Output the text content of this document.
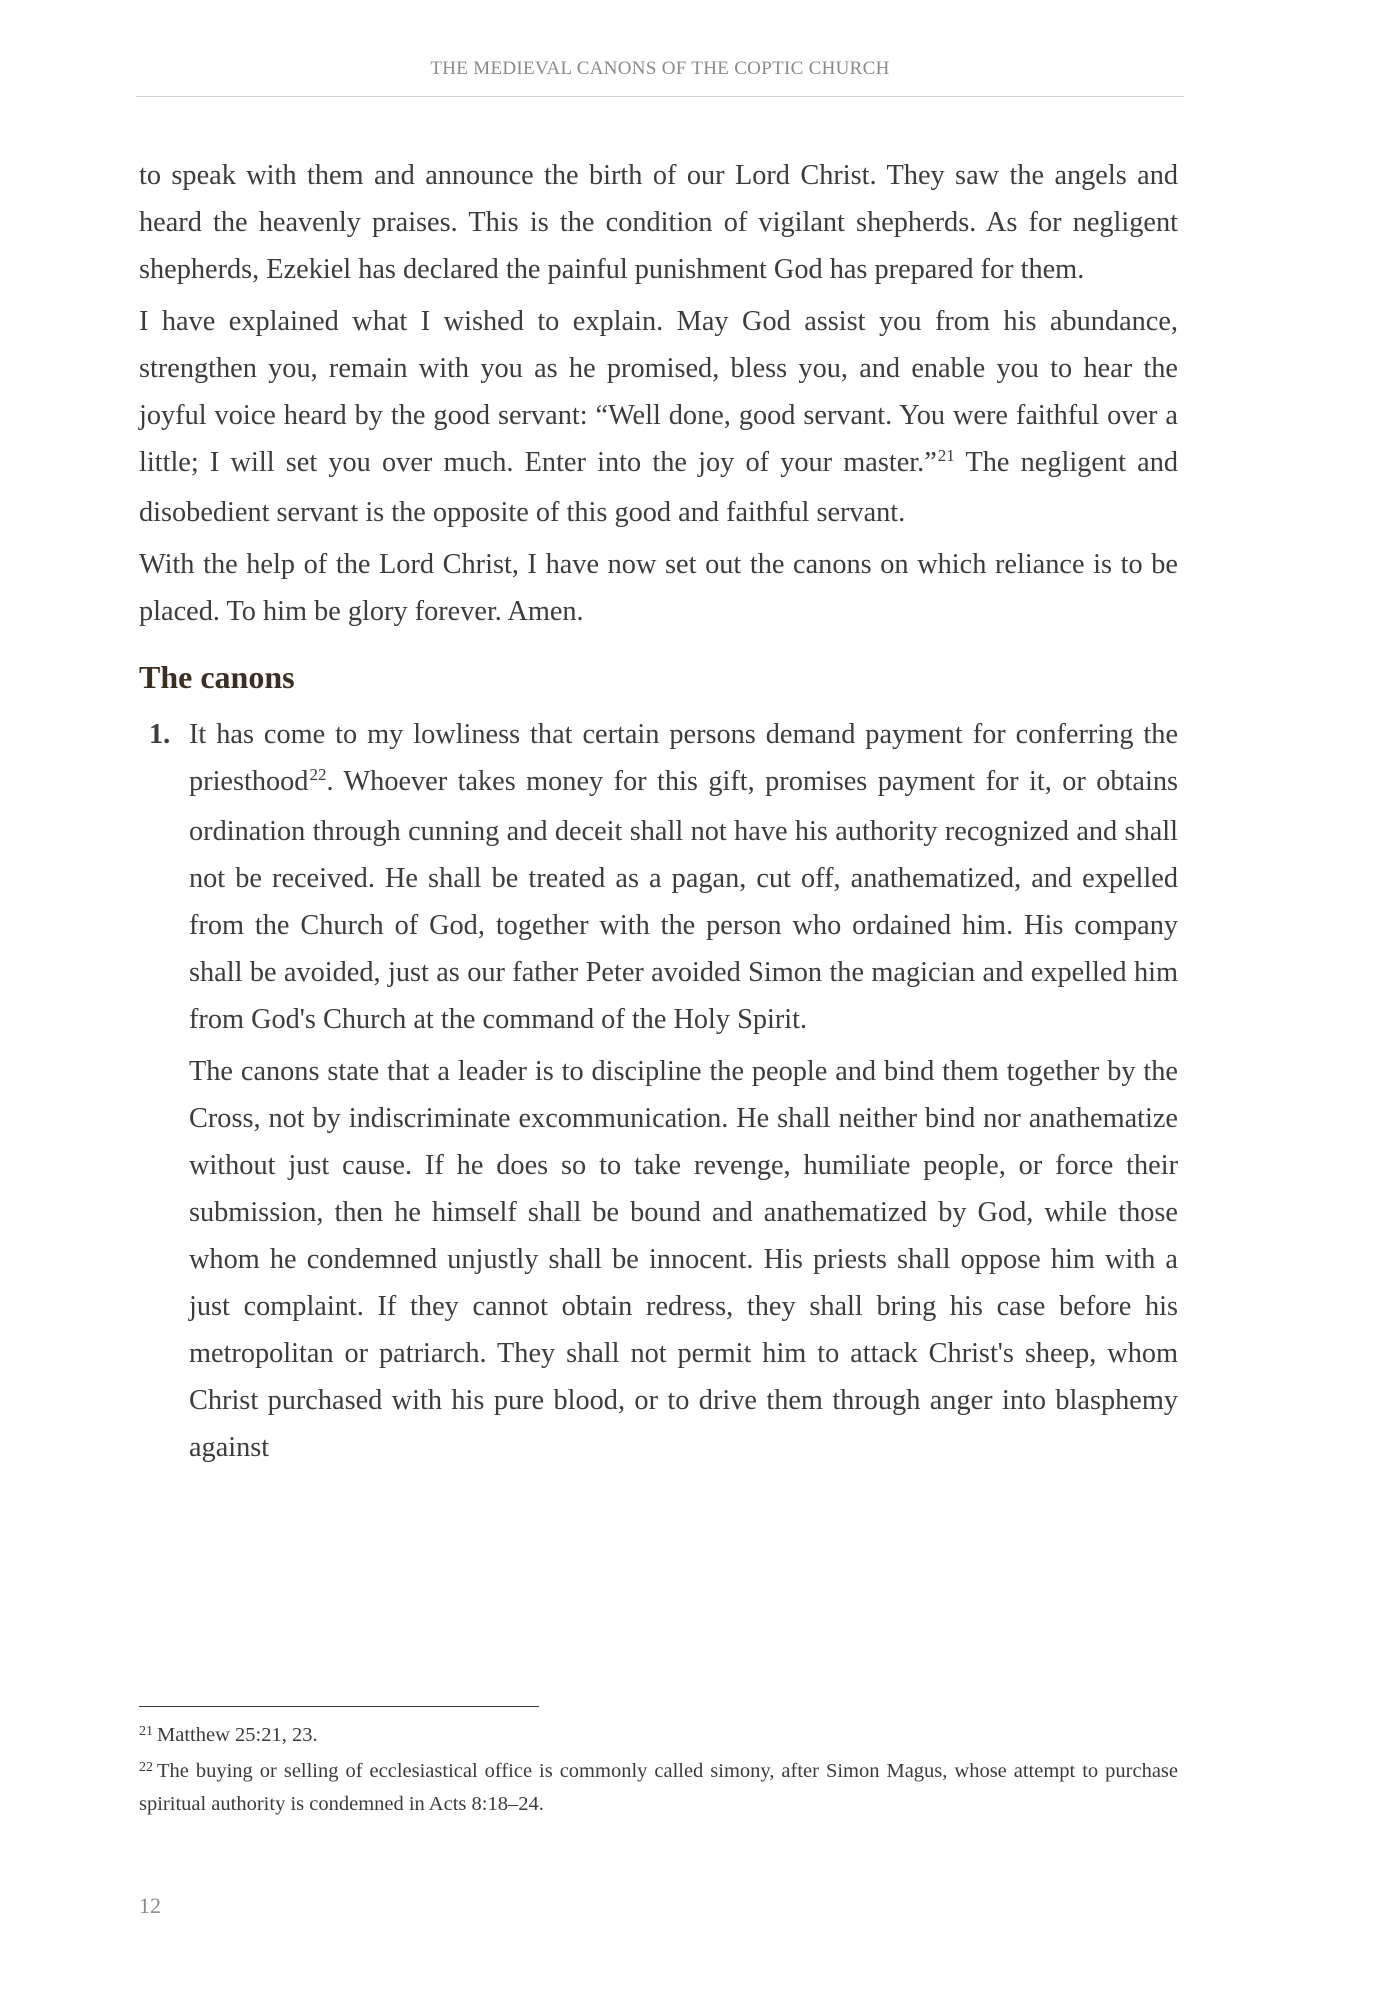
THE MEDIEVAL CANONS OF THE COPTIC CHURCH

to speak with them and announce the birth of our Lord Christ. They saw the angels and heard the heavenly praises. This is the condition of vigilant shepherds. As for negligent shepherds, Ezekiel has declared the painful punishment God has prepared for them.

I have explained what I wished to explain. May God assist you from his abundance, strengthen you, remain with you as he promised, bless you, and enable you to hear the joyful voice heard by the good servant: “Well done, good servant. You were faithful over a little; I will set you over much. Enter into the joy of your master.”$^{21}$ The negligent and disobedient servant is the opposite of this good and faithful servant.

With the help of the Lord Christ, I have now set out the canons on which reliance is to be placed. To him be glory forever. Amen.

The canons
1. It has come to my lowliness that certain persons demand payment for conferring the priesthood$^{22}$. Whoever takes money for this gift, promises payment for it, or obtains ordination through cunning and deceit shall not have his authority recognized and shall not be received. He shall be treated as a pagan, cut off, anathematized, and expelled from the Church of God, together with the person who ordained him. His company shall be avoided, just as our father Peter avoided Simon the magician and expelled him from God's Church at the command of the Holy Spirit.

The canons state that a leader is to discipline the people and bind them together by the Cross, not by indiscriminate excommunication. He shall neither bind nor anathematize without just cause. If he does so to take revenge, humiliate people, or force their submission, then he himself shall be bound and anathematized by God, while those whom he condemned unjustly shall be innocent. His priests shall oppose him with a just complaint. If they cannot obtain redress, they shall bring his case before his metropolitan or patriarch. They shall not permit him to attack Christ's sheep, whom Christ purchased with his pure blood, or to drive them through anger into blasphemy against

$^{21}$ Matthew 25:21, 23.

$^{22}$ The buying or selling of ecclesiastical office is commonly called simony, after Simon Magus, whose attempt to purchase spiritual authority is condemned in Acts 8:18–24.

12
